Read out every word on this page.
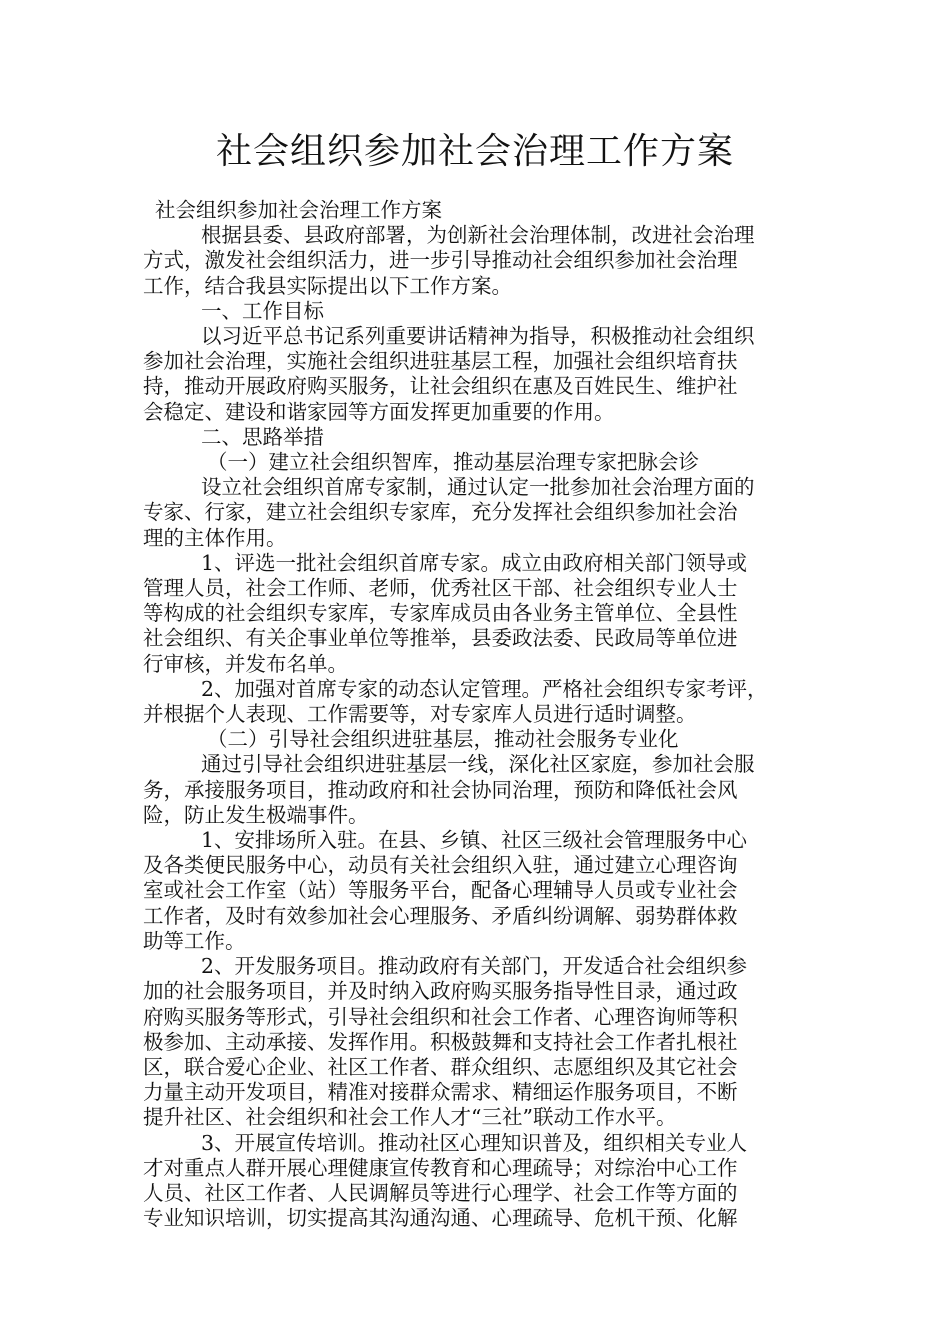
社会组织参加社会治理工作方案

社会组织参加社会治理工作方案

根据县委、县政府部署，为创新社会治理体制，改进社会治理

方式，激发社会组织活力，进一步引导推动社会组织参加社会治理

工作，结合我县实际提出以下工作方案。

一、工作目标

以习近平总书记系列重要讲话精神为指导，积极推动社会组织

参加社会治理，实施社会组织进驻基层工程，加强社会组织培育扶

持，推动开展政府购买服务，让社会组织在惠及百姓民生、维护社

会稳定、建设和谐家园等方面发挥更加重要的作用。

二、思路举措

（一）建立社会组织智库，推动基层治理专家把脉会诊

设立社会组织首席专家制，通过认定一批参加社会治理方面的

专家、行家，建立社会组织专家库，充分发挥社会组织参加社会治

理的主体作用。

1、评选一批社会组织首席专家。成立由政府相关部门领导或

管理人员，社会工作师、老师，优秀社区干部、社会组织专业人士

等构成的社会组织专家库，专家库成员由各业务主管单位、全县性

社会组织、有关企事业单位等推举，县委政法委、民政局等单位进

行审核，并发布名单。

2、加强对首席专家的动态认定管理。严格社会组织专家考评，

并根据个人表现、工作需要等，对专家库人员进行适时调整。

（二）引导社会组织进驻基层，推动社会服务专业化

通过引导社会组织进驻基层一线，深化社区家庭，参加社会服

务，承接服务项目，推动政府和社会协同治理，预防和降低社会风

险，防止发生极端事件。

1、安排场所入驻。在县、乡镇、社区三级社会管理服务中心

及各类便民服务中心，动员有关社会组织入驻，通过建立心理咨询

室或社会工作室（站）等服务平台，配备心理辅导人员或专业社会

工作者，及时有效参加社会心理服务、矛盾纠纷调解、弱势群体救

助等工作。

2、开发服务项目。推动政府有关部门，开发适合社会组织参

加的社会服务项目，并及时纳入政府购买服务指导性目录，通过政

府购买服务等形式，引导社会组织和社会工作者、心理咨询师等积

极参加、主动承接、发挥作用。积极鼓舞和支持社会工作者扎根社

区，联合爱心企业、社区工作者、群众组织、志愿组织及其它社会

力量主动开发项目，精准对接群众需求、精细运作服务项目，不断

提升社区、社会组织和社会工作人才“三社”联动工作水平。

3、开展宣传培训。推动社区心理知识普及，组织相关专业人

才对重点人群开展心理健康宣传教育和心理疏导；对综治中心工作

人员、社区工作者、人民调解员等进行心理学、社会工作等方面的

专业知识培训，切实提高其沟通沟通、心理疏导、危机干预、化解
